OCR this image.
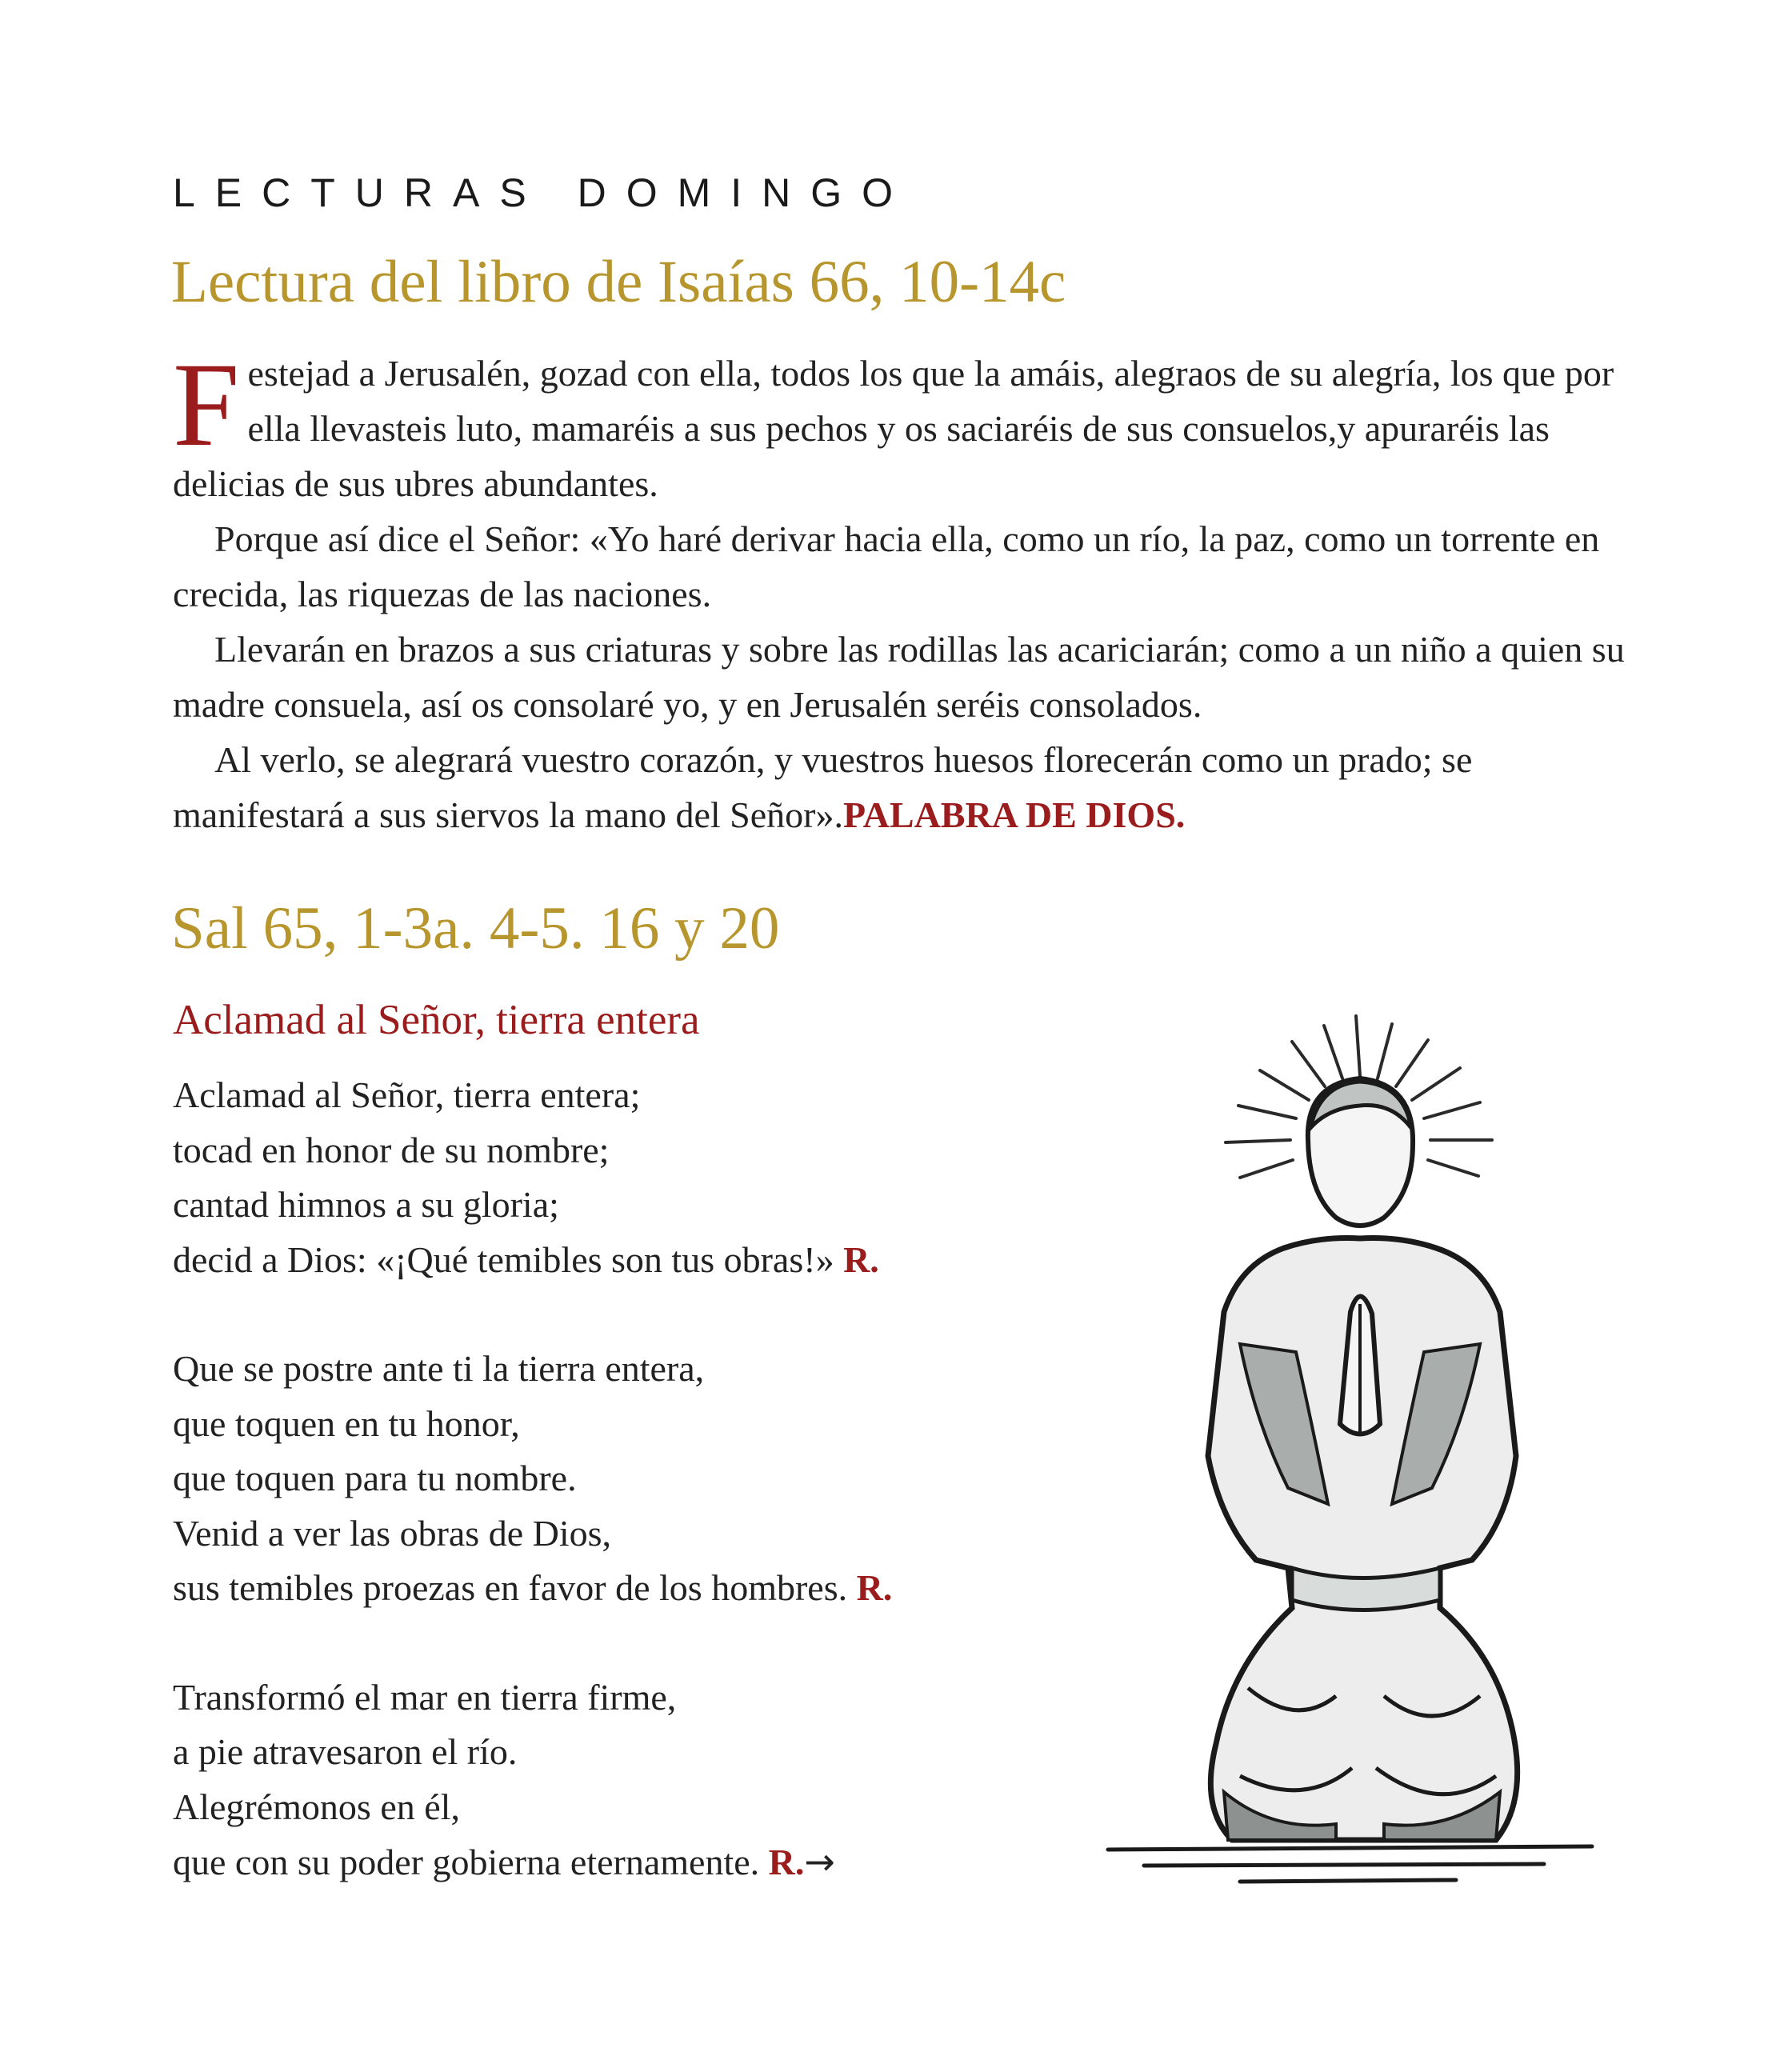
LECTURAS DOMINGO
Lectura del libro de Isaías 66, 10-14c

Festejad a Jerusalén, gozad con ella, todos los que la amáis, alegraos de su alegría, los que por ella llevasteis luto, mamaréis a sus pechos y os saciaréis de sus consuelos,y apuraréis las delicias de sus ubres abundantes.

Porque así dice el Señor: «Yo haré derivar hacia ella, como un río, la paz, como un torrente en crecida, las riquezas de las naciones.

Llevarán en brazos a sus criaturas y sobre las rodillas las acariciarán; como a un niño a quien su madre consuela, así os consolaré yo, y en Jerusalén seréis consolados.

Al verlo, se alegrará vuestro corazón, y vuestros huesos florecerán como un prado; se manifestará a sus siervos la mano del Señor».PALABRA DE DIOS.

Sal 65, 1-3a. 4-5. 16 y 20
Aclamad al Señor, tierra entera
Aclamad al Señor, tierra entera;
tocad en honor de su nombre;
cantad himnos a su gloria;
decid a Dios: «¡Qué temibles son tus obras!» R.
Que se postre ante ti la tierra entera,
que toquen en tu honor,
que toquen para tu nombre.
Venid a ver las obras de Dios,
sus temibles proezas en favor de los hombres. R.
Transformó el mar en tierra firme,
a pie atravesaron el río.
Alegrémonos en él,
que con su poder gobierna eternamente. R.→
